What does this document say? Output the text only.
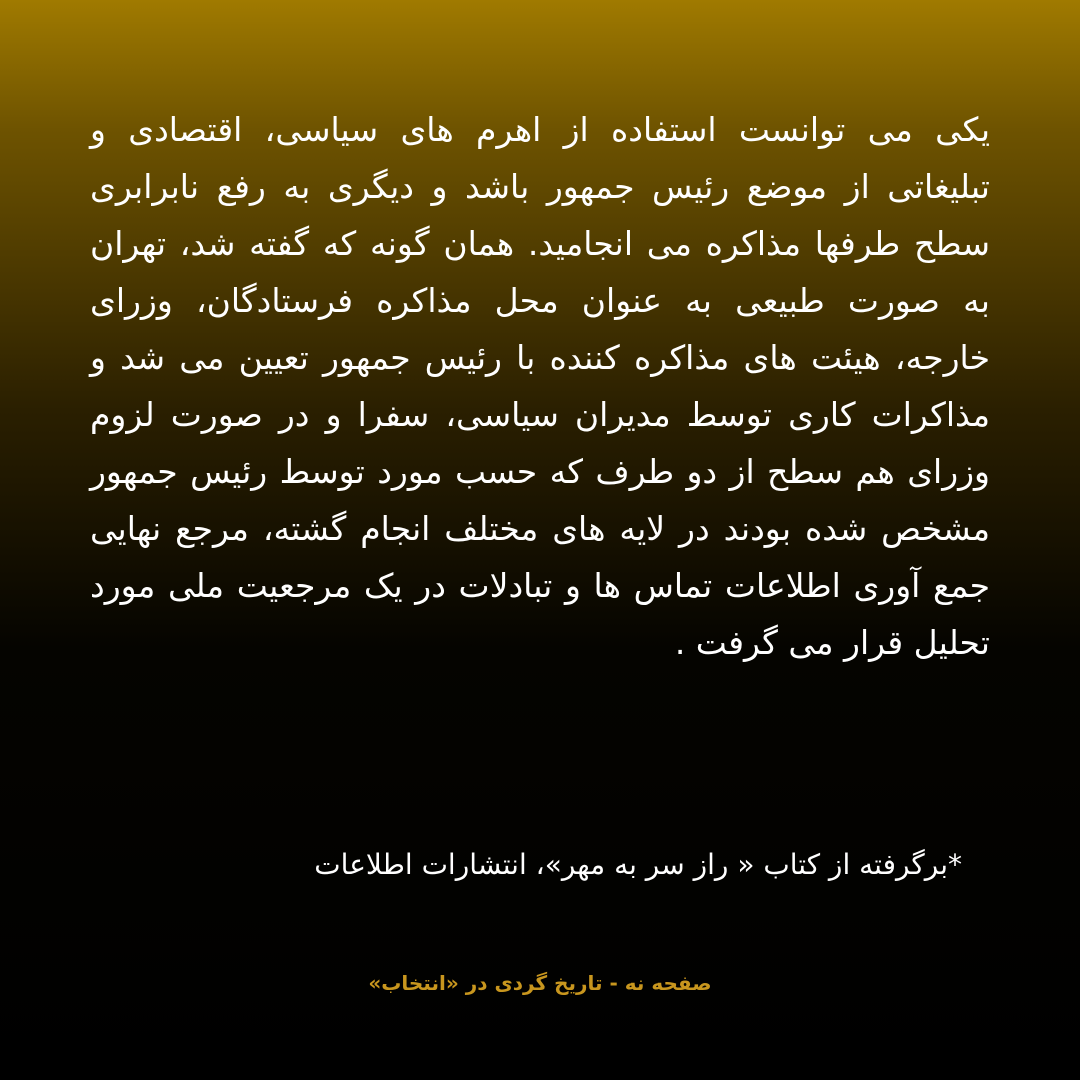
یکی می توانست استفاده از اهرم های سیاسی، اقتصادی و تبلیغاتی از موضع رئیس جمهور باشد و دیگری به رفع نابرابری سطح طرفها مذاکره می انجامید. همان گونه که گفته شد، تهران به صورت طبیعی به عنوان محل مذاکره فرستادگان، وزرای خارجه، هیئت های مذاکره کننده با رئیس جمهور تعیین می شد و مذاکرات کاری توسط مدیران سیاسی، سفرا و در صورت لزوم وزرای هم سطح از دو طرف که حسب مورد توسط رئیس جمهور مشخص شده بودند در لایه های مختلف انجام گشته، مرجع نهایی جمع آوری اطلاعات تماس ها و تبادلات در یک مرجعیت ملی مورد تحلیل قرار می گرفت .

*برگرفته از کتاب « راز سر به مهر»، انتشارات اطلاعات
صفحه نه - تاریخ گردی در «انتخاب»
